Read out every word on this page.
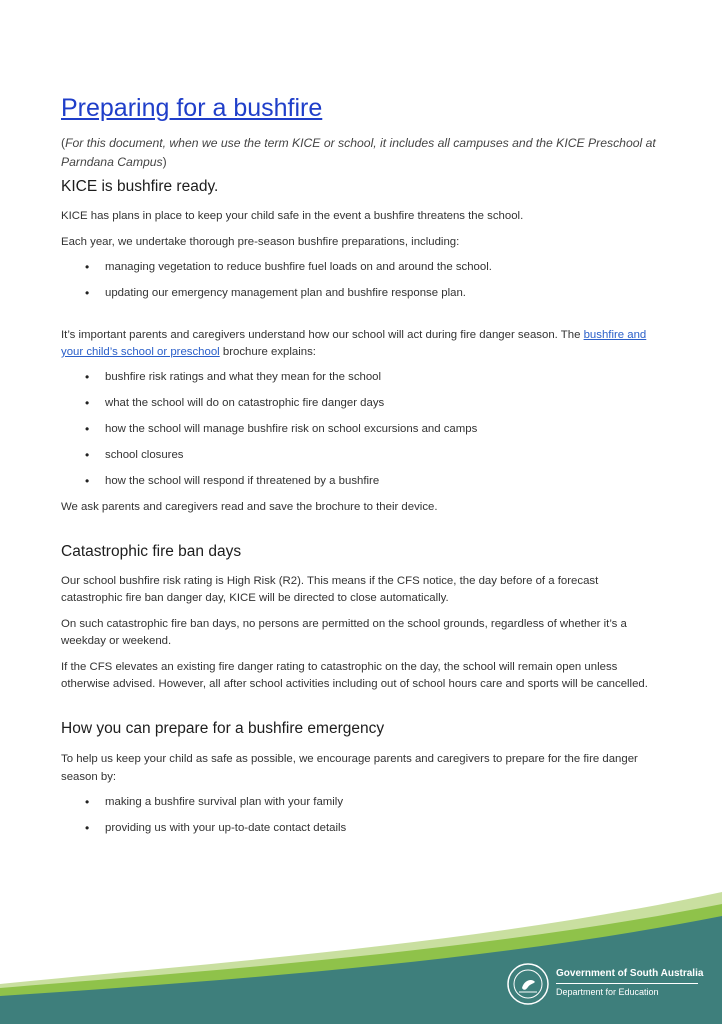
Preparing for a bushfire

(For this document, when we use the term KICE or school, it includes all campuses and the KICE Preschool at Parndana Campus)

KICE is bushfire ready.

KICE has plans in place to keep your child safe in the event a bushfire threatens the school.

Each year, we undertake thorough pre-season bushfire preparations, including:

• managing vegetation to reduce bushfire fuel loads on and around the school.
• updating our emergency management plan and bushfire response plan.

It’s important parents and caregivers understand how our school will act during fire danger season. The bushfire and your child’s school or preschool brochure explains:

• bushfire risk ratings and what they mean for the school
• what the school will do on catastrophic fire danger days
• how the school will manage bushfire risk on school excursions and camps
• school closures
• how the school will respond if threatened by a bushfire

We ask parents and caregivers read and save the brochure to their device.

Catastrophic fire ban days

Our school bushfire risk rating is High Risk (R2). This means if the CFS notice, the day before of a forecast catastrophic fire ban danger day, KICE will be directed to close automatically.

On such catastrophic fire ban days, no persons are permitted on the school grounds, regardless of whether it’s a weekday or weekend.

If the CFS elevates an existing fire danger rating to catastrophic on the day, the school will remain open unless otherwise advised. However, all after school activities including out of school hours care and sports will be cancelled.

How you can prepare for a bushfire emergency

To help us keep your child as safe as possible, we encourage parents and caregivers to prepare for the fire danger season by:

• making a bushfire survival plan with your family
• providing us with your up-to-date contact details
Government of South Australia
Department for Education
